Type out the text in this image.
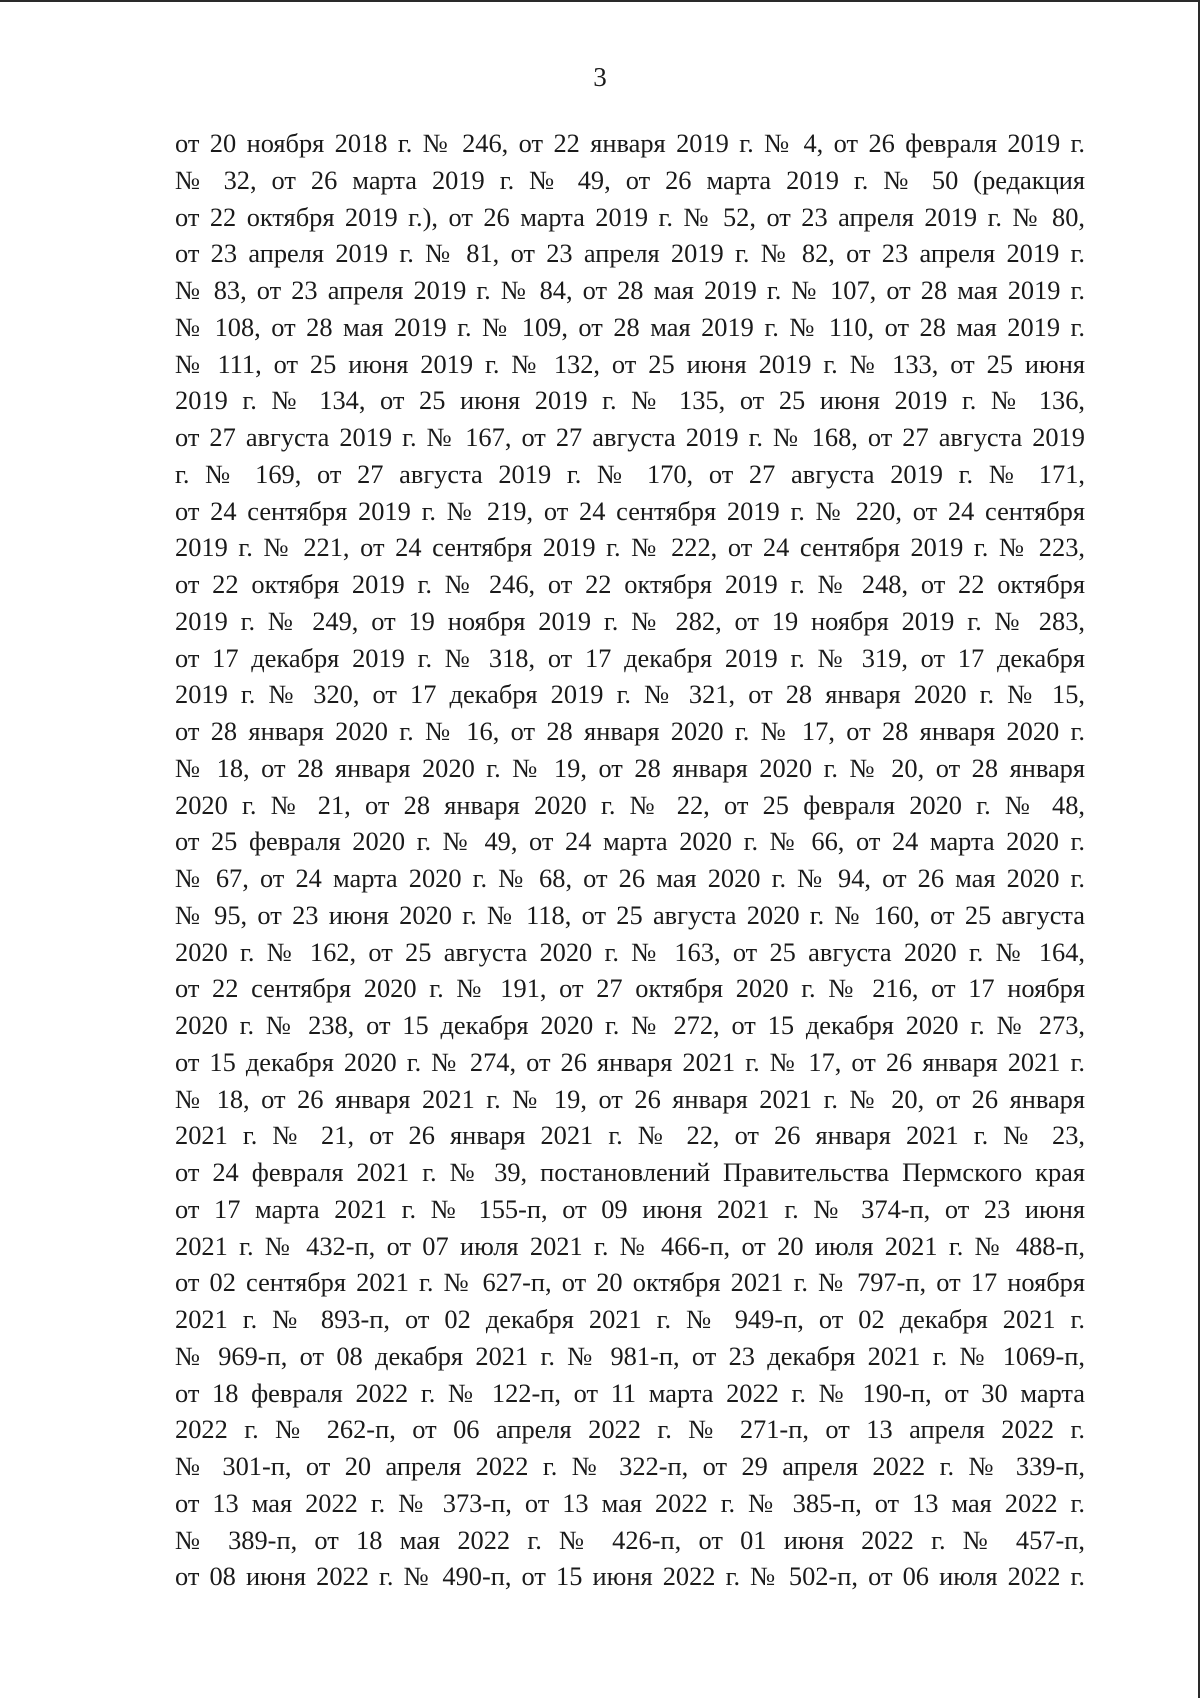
3
от 20 ноября 2018 г. № 246, от 22 января 2019 г. № 4, от 26 февраля 2019 г.
№ 32, от 26 марта 2019 г. № 49, от 26 марта 2019 г. № 50 (редакция
от 22 октября 2019 г.), от 26 марта 2019 г. № 52, от 23 апреля 2019 г. № 80,
от 23 апреля 2019 г. № 81, от 23 апреля 2019 г. № 82, от 23 апреля 2019 г.
№ 83, от 23 апреля 2019 г. № 84, от 28 мая 2019 г. № 107, от 28 мая 2019 г.
№ 108, от 28 мая 2019 г. № 109, от 28 мая 2019 г. № 110, от 28 мая 2019 г.
№ 111, от 25 июня 2019 г. № 132, от 25 июня 2019 г. № 133, от 25 июня
2019 г. № 134, от 25 июня 2019 г. № 135, от 25 июня 2019 г. № 136,
от 27 августа 2019 г. № 167, от 27 августа 2019 г. № 168, от 27 августа 2019
г. № 169, от 27 августа 2019 г. № 170, от 27 августа 2019 г. № 171,
от 24 сентября 2019 г. № 219, от 24 сентября 2019 г. № 220, от 24 сентября
2019 г. № 221, от 24 сентября 2019 г. № 222, от 24 сентября 2019 г. № 223,
от 22 октября 2019 г. № 246, от 22 октября 2019 г. № 248, от 22 октября
2019 г. № 249, от 19 ноября 2019 г. № 282, от 19 ноября 2019 г. № 283,
от 17 декабря 2019 г. № 318, от 17 декабря 2019 г. № 319, от 17 декабря
2019 г. № 320, от 17 декабря 2019 г. № 321, от 28 января 2020 г. № 15,
от 28 января 2020 г. № 16, от 28 января 2020 г. № 17, от 28 января 2020 г.
№ 18, от 28 января 2020 г. № 19, от 28 января 2020 г. № 20, от 28 января
2020 г. № 21, от 28 января 2020 г. № 22, от 25 февраля 2020 г. № 48,
от 25 февраля 2020 г. № 49, от 24 марта 2020 г. № 66, от 24 марта 2020 г.
№ 67, от 24 марта 2020 г. № 68, от 26 мая 2020 г. № 94, от 26 мая 2020 г.
№ 95, от 23 июня 2020 г. № 118, от 25 августа 2020 г. № 160, от 25 августа
2020 г. № 162, от 25 августа 2020 г. № 163, от 25 августа 2020 г. № 164,
от 22 сентября 2020 г. № 191, от 27 октября 2020 г. № 216, от 17 ноября
2020 г. № 238, от 15 декабря 2020 г. № 272, от 15 декабря 2020 г. № 273,
от 15 декабря 2020 г. № 274, от 26 января 2021 г. № 17, от 26 января 2021 г.
№ 18, от 26 января 2021 г. № 19, от 26 января 2021 г. № 20, от 26 января
2021 г. № 21, от 26 января 2021 г. № 22, от 26 января 2021 г. № 23,
от 24 февраля 2021 г. № 39, постановлений Правительства Пермского края
от 17 марта 2021 г. № 155-п, от 09 июня 2021 г. № 374-п, от 23 июня
2021 г. № 432-п, от 07 июля 2021 г. № 466-п, от 20 июля 2021 г. № 488-п,
от 02 сентября 2021 г. № 627-п, от 20 октября 2021 г. № 797-п, от 17 ноября
2021 г. № 893-п, от 02 декабря 2021 г. № 949-п, от 02 декабря 2021 г.
№ 969-п, от 08 декабря 2021 г. № 981-п, от 23 декабря 2021 г. № 1069-п,
от 18 февраля 2022 г. № 122-п, от 11 марта 2022 г. № 190-п, от 30 марта
2022 г. № 262-п, от 06 апреля 2022 г. № 271-п, от 13 апреля 2022 г.
№ 301-п, от 20 апреля 2022 г. № 322-п, от 29 апреля 2022 г. № 339-п,
от 13 мая 2022 г. № 373-п, от 13 мая 2022 г. № 385-п, от 13 мая 2022 г.
№ 389-п, от 18 мая 2022 г. № 426-п, от 01 июня 2022 г. № 457-п,
от 08 июня 2022 г. № 490-п, от 15 июня 2022 г. № 502-п, от 06 июля 2022 г.
